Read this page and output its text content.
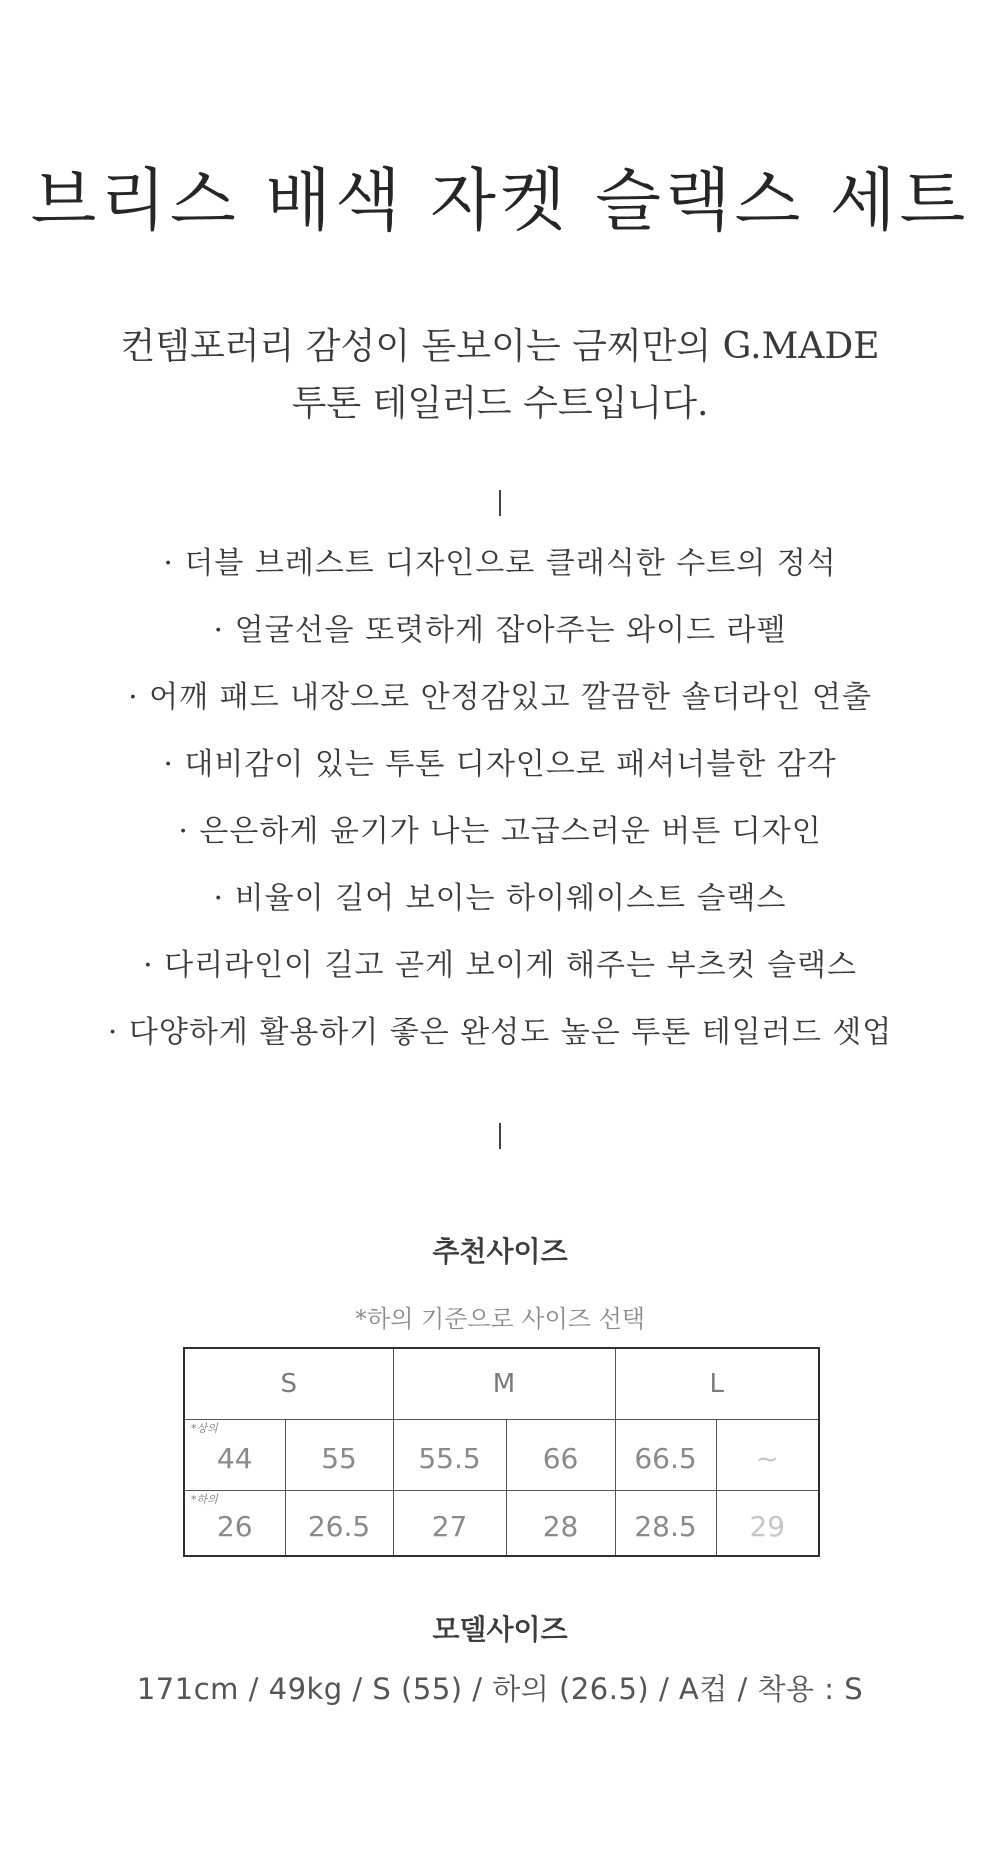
브리스 배색 자켓 슬랙스 세트
컨템포러리 감성이 돋보이는 금찌만의 G.MADE
투톤 테일러드 수트입니다.
· 더블 브레스트 디자인으로 클래식한 수트의 정석
· 얼굴선을 또렷하게 잡아주는 와이드 라펠
· 어깨 패드 내장으로 안정감있고 깔끔한 숄더라인 연출
· 대비감이 있는 투톤 디자인으로 패셔너블한 감각
· 은은하게 윤기가 나는 고급스러운 버튼 디자인
· 비율이 길어 보이는 하이웨이스트 슬랙스
· 다리라인이 길고 곧게 보이게 해주는 부츠컷 슬랙스
· 다양하게 활용하기 좋은 완성도 높은 투톤 테일러드 셋업
추천사이즈
*하의 기준으로 사이즈 선택
S		M		L	

*상의
44	55	55.5	66	66.5	~

*하의
26	26.5	27	28	28.5	29
모델사이즈
171cm / 49kg / S (55) / 하의 (26.5) / A컵 / 착용 : S
